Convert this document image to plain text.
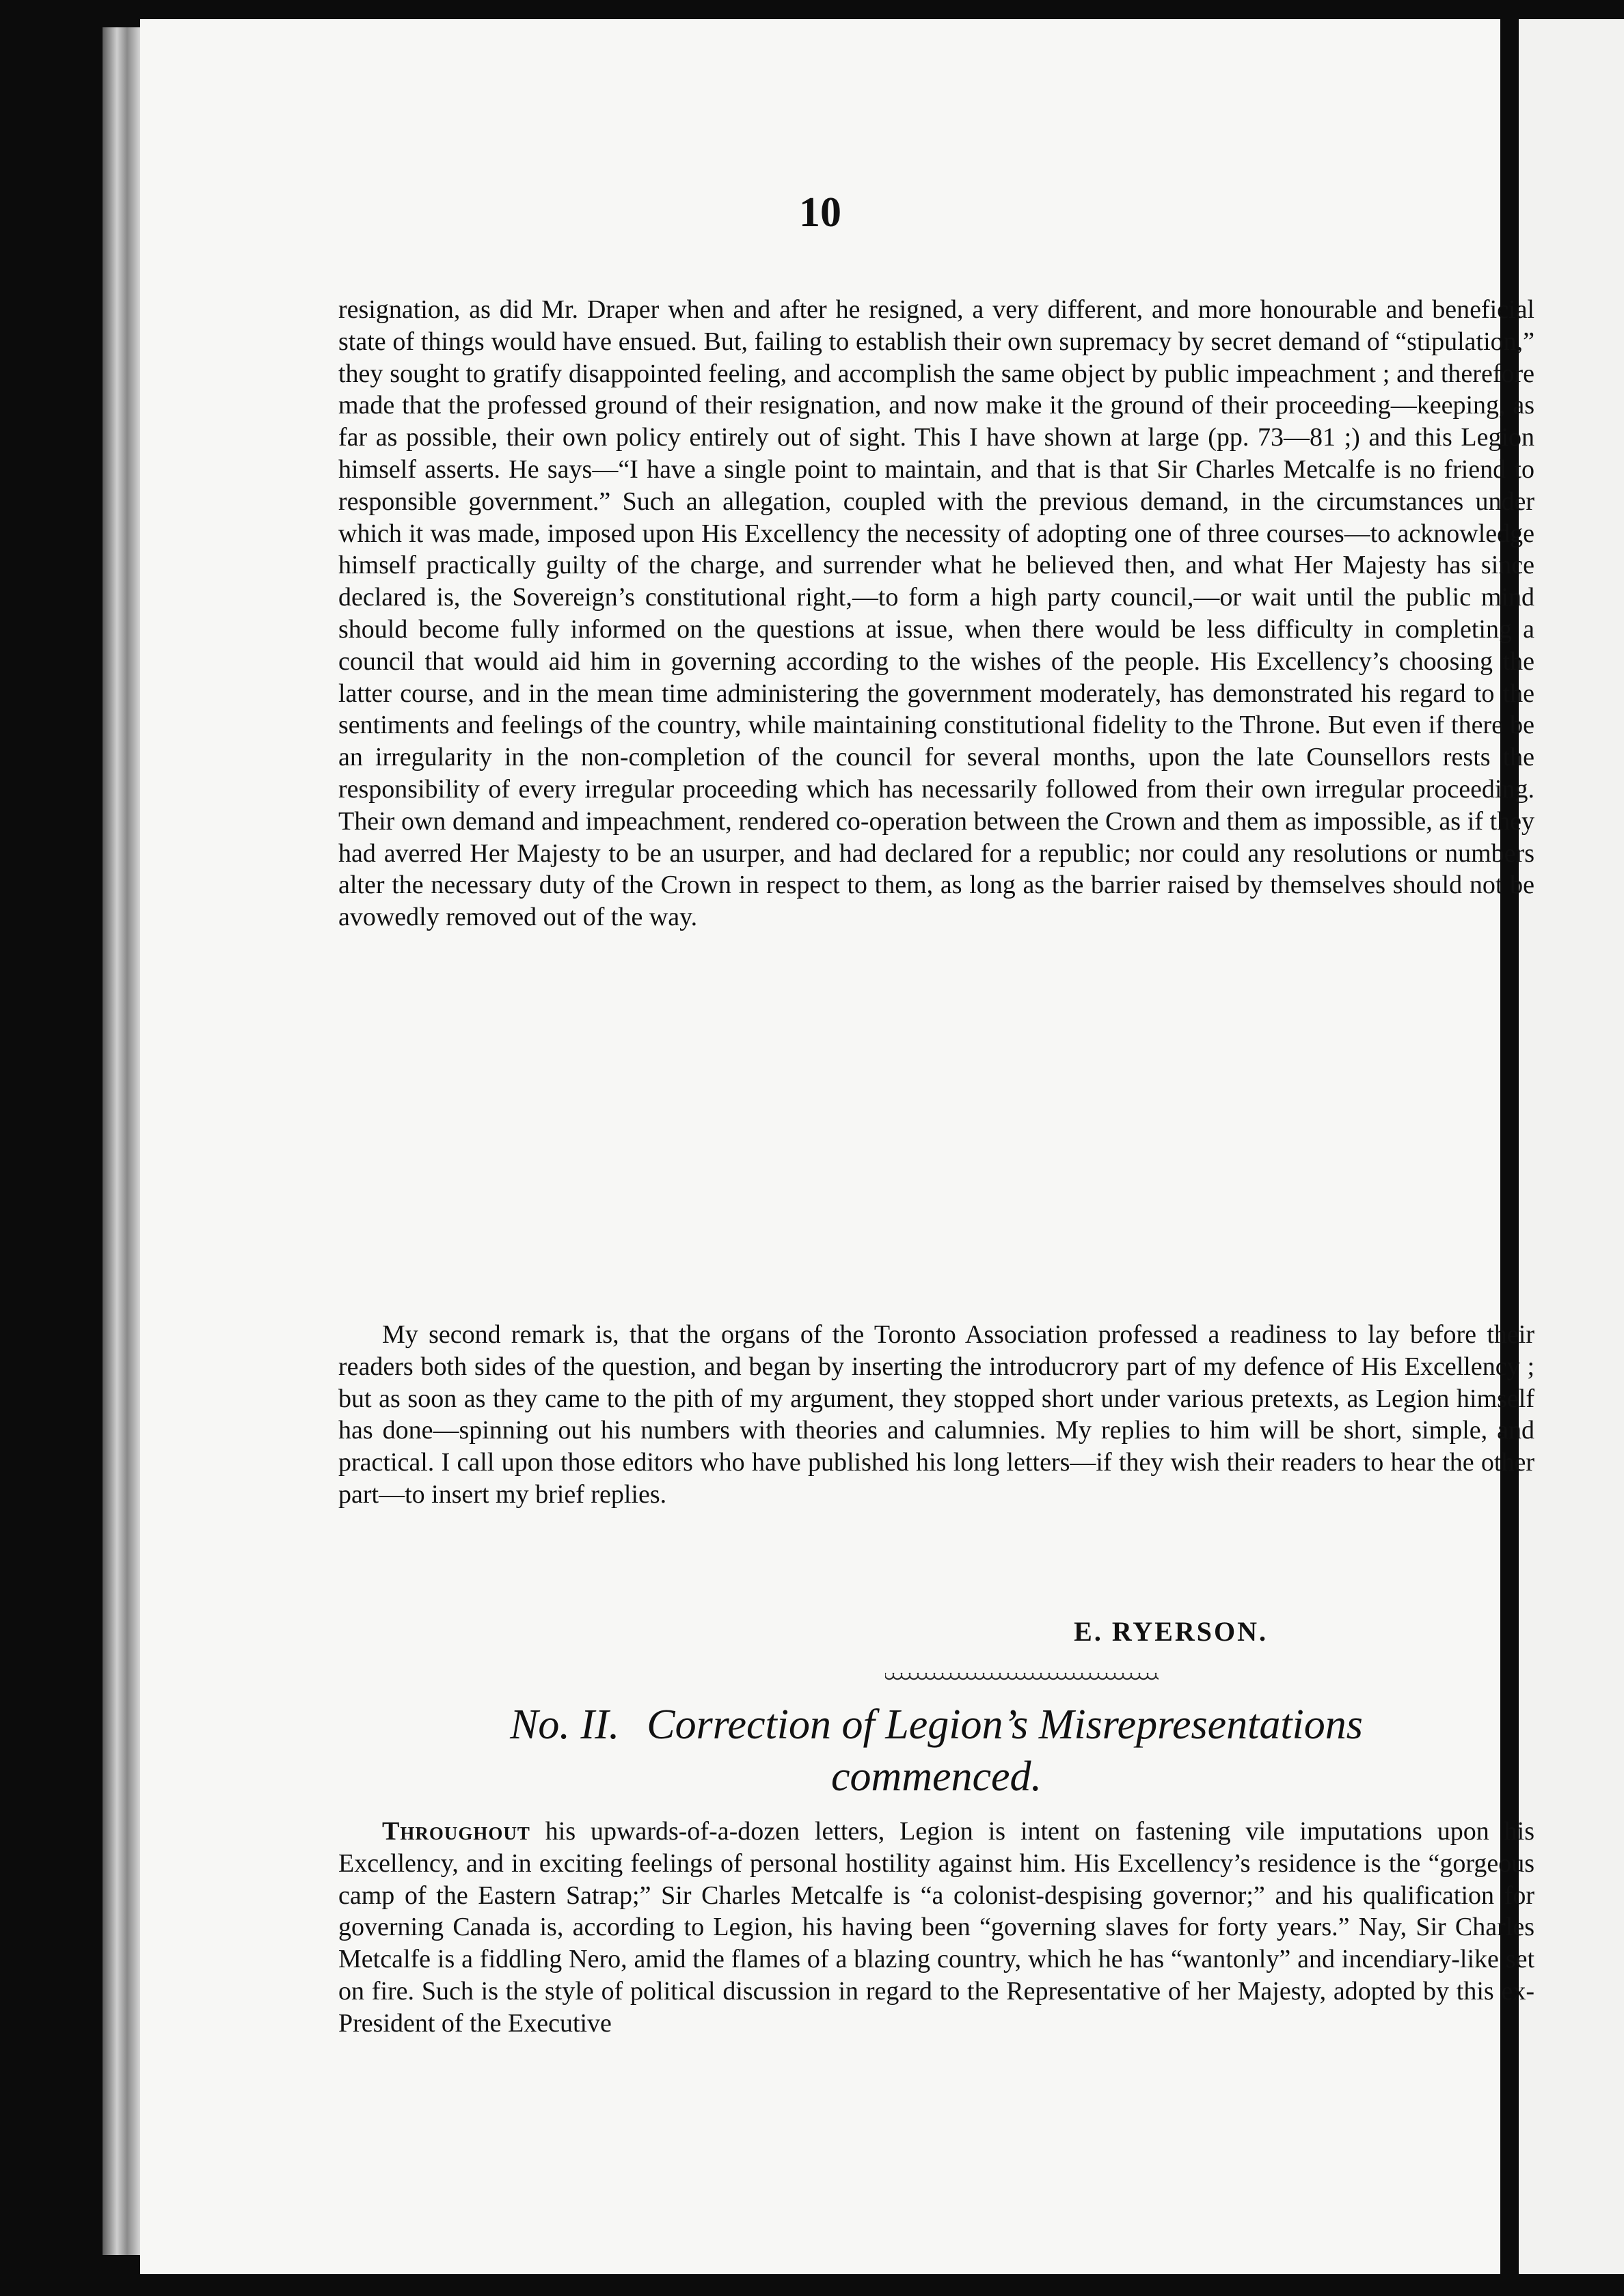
10

resignation, as did Mr. Draper when and after he resigned, a very different, and more honourable and beneficial state of things would have ensued. But, failing to establish their own supremacy by secret demand of “stipulation,” they sought to gratify disappointed feeling, and accomplish the same object by public impeachment ; and therefore made that the professed ground of their resignation, and now make it the ground of their proceeding—keeping, as far as possible, their own policy entirely out of sight. This I have shown at large (pp. 73—81 ;) and this Legion himself asserts. He says—“I have a single point to maintain, and that is that Sir Charles Metcalfe is no friend to responsible government.” Such an allegation, coupled with the previous demand, in the circumstances under which it was made, imposed upon His Excellency the necessity of adopting one of three courses—to acknowledge himself practically guilty of the charge, and surrender what he believed then, and what Her Majesty has since declared is, the Sovereign’s constitutional right,—to form a high party council,—or wait until the public mind should become fully informed on the questions at issue, when there would be less difficulty in completing a council that would aid him in governing according to the wishes of the people. His Excellency’s choosing the latter course, and in the mean time administering the government moderately, has demonstrated his regard to the sentiments and feelings of the country, while maintaining constitutional fidelity to the Throne. But even if there be an irregularity in the non-completion of the council for several months, upon the late Counsellors rests the responsibility of every irregular proceeding which has necessarily followed from their own irregular proceeding. Their own demand and impeachment, rendered co-operation between the Crown and them as impossible, as if they had averred Her Majesty to be an usurper, and had declared for a republic; nor could any resolutions or numbers alter the necessary duty of the Crown in respect to them, as long as the barrier raised by themselves should not be avowedly removed out of the way.

My second remark is, that the organs of the Toronto Association professed a readiness to lay before their readers both sides of the question, and began by inserting the introducrory part of my defence of His Excellency ; but as soon as they came to the pith of my argument, they stopped short under various pretexts, as Legion himself has done—spinning out his numbers with theories and calumnies. My replies to him will be short, simple, and practical. I call upon those editors who have published his long letters—if they wish their readers to hear the other part—to insert my brief replies.

E. RYERSON.

No. II. Correction of Legion’s Misrepresentations
commenced.

Throughout his upwards-of-a-dozen letters, Legion is intent on fastening vile imputations upon his Excellency, and in exciting feelings of personal hostility against him. His Excellency’s residence is the “gorgeous camp of the Eastern Satrap;” Sir Charles Metcalfe is “a colonist-despising governor;” and his qualification for governing Canada is, according to Legion, his having been “governing slaves for forty years.” Nay, Sir Charles Metcalfe is a fiddling Nero, amid the flames of a blazing country, which he has “wantonly” and incendiary-like set on fire. Such is the style of political discussion in regard to the Representative of her Majesty, adopted by this ex-President of the Executive
